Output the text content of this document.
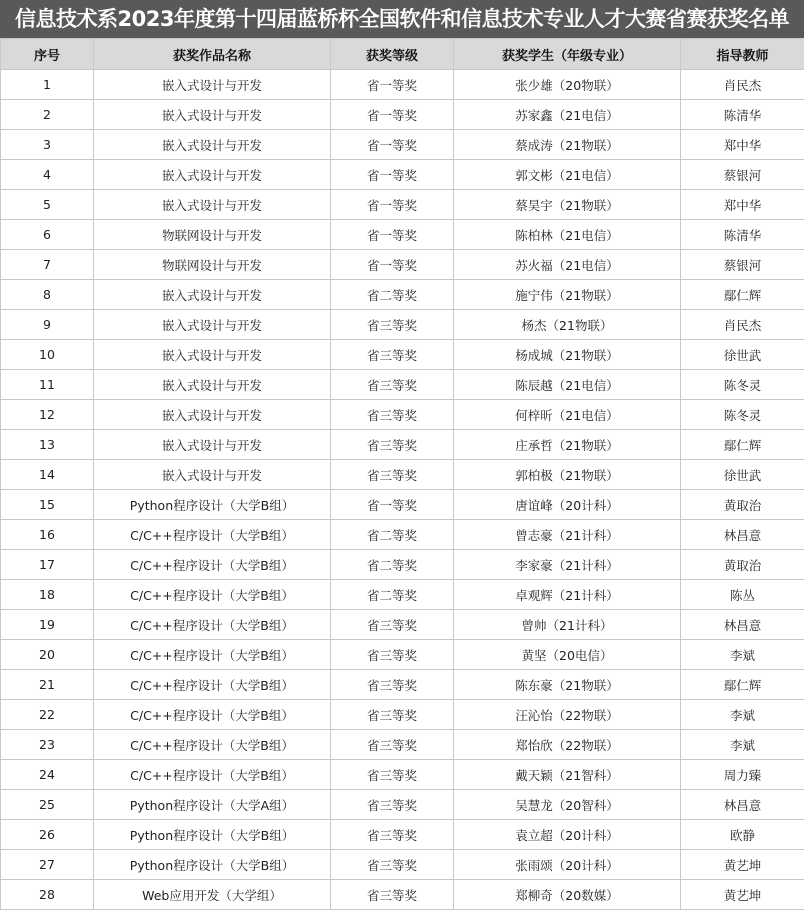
信息技术系2023年度第十四届蓝桥杯全国软件和信息技术专业人才大赛省赛获奖名单
序号	获奖作品名称	获奖等级	获奖学生（年级专业）	指导教师
1	嵌入式设计与开发	省一等奖	张少雄（20物联）	肖民杰
2	嵌入式设计与开发	省一等奖	苏家鑫（21电信）	陈清华
3	嵌入式设计与开发	省一等奖	蔡成涛（21物联）	郑中华
4	嵌入式设计与开发	省一等奖	郭文彬（21电信）	蔡银河
5	嵌入式设计与开发	省一等奖	蔡昊宇（21物联）	郑中华
6	物联网设计与开发	省一等奖	陈柏林（21电信）	陈清华
7	物联网设计与开发	省一等奖	苏火福（21电信）	蔡银河
8	嵌入式设计与开发	省二等奖	施宁伟（21物联）	鄢仁辉
9	嵌入式设计与开发	省三等奖	杨杰（21物联）	肖民杰
10	嵌入式设计与开发	省三等奖	杨成城（21物联）	徐世武
11	嵌入式设计与开发	省三等奖	陈辰越（21电信）	陈冬灵
12	嵌入式设计与开发	省三等奖	何梓昕（21电信）	陈冬灵
13	嵌入式设计与开发	省三等奖	庄承哲（21物联）	鄢仁辉
14	嵌入式设计与开发	省三等奖	郭柏极（21物联）	徐世武
15	Python程序设计（大学B组）	省一等奖	唐谊峰（20计科）	黄取治
16	C/C++程序设计（大学B组）	省二等奖	曾志豪（21计科）	林昌意
17	C/C++程序设计（大学B组）	省二等奖	李家豪（21计科）	黄取治
18	C/C++程序设计（大学B组）	省二等奖	卓观辉（21计科）	陈丛
19	C/C++程序设计（大学B组）	省三等奖	曾帅（21计科）	林昌意
20	C/C++程序设计（大学B组）	省三等奖	黄坚（20电信）	李斌
21	C/C++程序设计（大学B组）	省三等奖	陈东豪（21物联）	鄢仁辉
22	C/C++程序设计（大学B组）	省三等奖	汪沁怡（22物联）	李斌
23	C/C++程序设计（大学B组）	省三等奖	郑怡欣（22物联）	李斌
24	C/C++程序设计（大学B组）	省三等奖	戴天颖（21智科）	周力臻
25	Python程序设计（大学A组）	省三等奖	吴慧龙（20智科）	林昌意
26	Python程序设计（大学B组）	省三等奖	袁立超（20计科）	欧静
27	Python程序设计（大学B组）	省三等奖	张雨颂（20计科）	黄艺坤
28	Web应用开发（大学组）	省三等奖	郑柳奇（20数媒）	黄艺坤
